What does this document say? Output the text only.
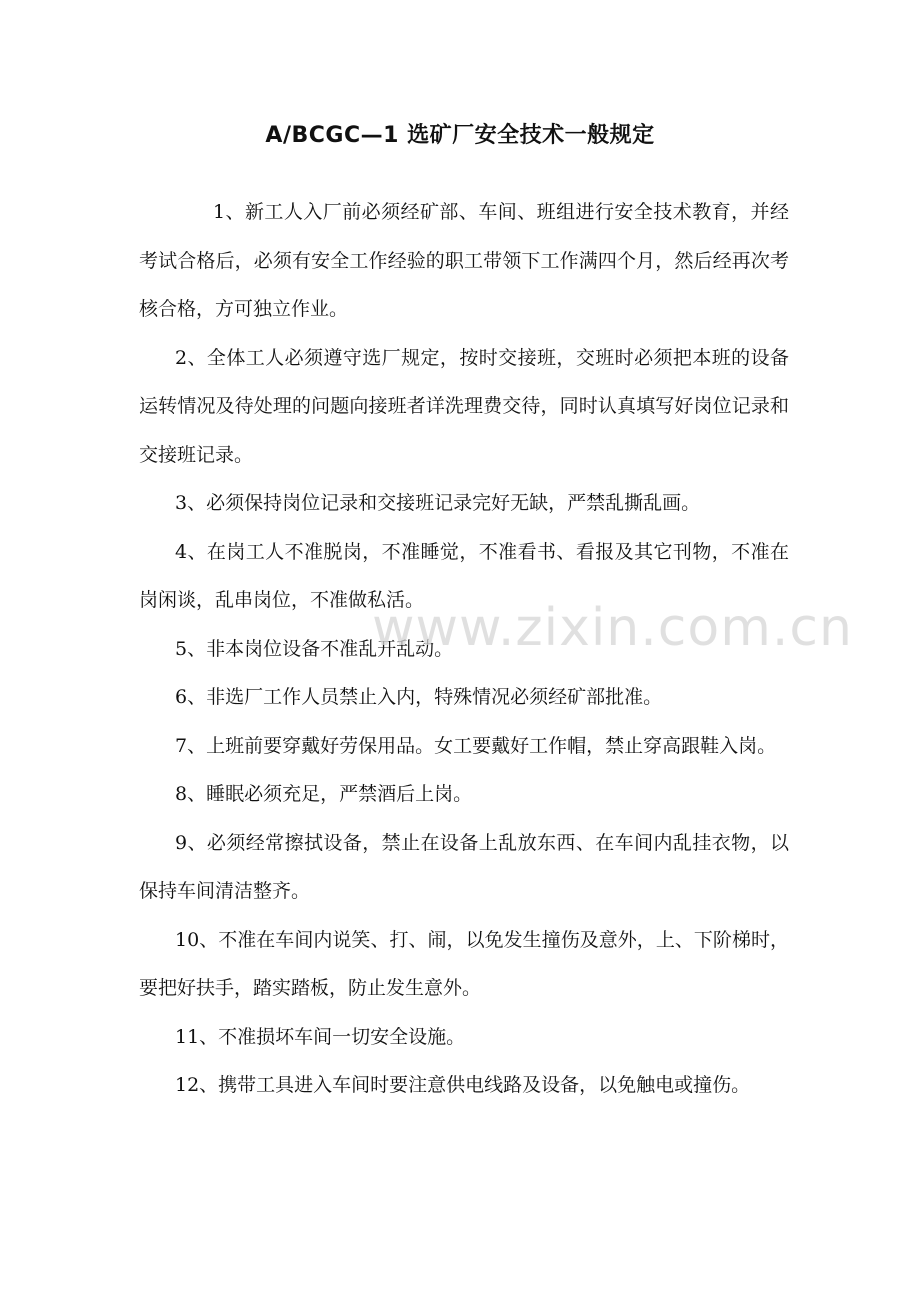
A/BCGC—1 选矿厂安全技术一般规定

1、新工人入厂前必须经矿部、车间、班组进行安全技术教育，并经考试合格后，必须有安全工作经验的职工带领下工作满四个月，然后经再次考核合格，方可独立作业。

2、全体工人必须遵守选厂规定，按时交接班，交班时必须把本班的设备运转情况及待处理的问题向接班者详洗理费交待，同时认真填写好岗位记录和交接班记录。

3、必须保持岗位记录和交接班记录完好无缺，严禁乱撕乱画。

4、在岗工人不准脱岗，不准睡觉，不准看书、看报及其它刊物，不准在岗闲谈，乱串岗位，不准做私活。

5、非本岗位设备不准乱开乱动。

6、非选厂工作人员禁止入内，特殊情况必须经矿部批准。

7、上班前要穿戴好劳保用品。女工要戴好工作帽，禁止穿高跟鞋入岗。

8、睡眠必须充足，严禁酒后上岗。

9、必须经常擦拭设备，禁止在设备上乱放东西、在车间内乱挂衣物，以保持车间清洁整齐。

10、不准在车间内说笑、打、闹，以免发生撞伤及意外，上、下阶梯时，要把好扶手，踏实踏板，防止发生意外。

11、不准损坏车间一切安全设施。

12、携带工具进入车间时要注意供电线路及设备，以免触电或撞伤。

www.zixin.com.cn
